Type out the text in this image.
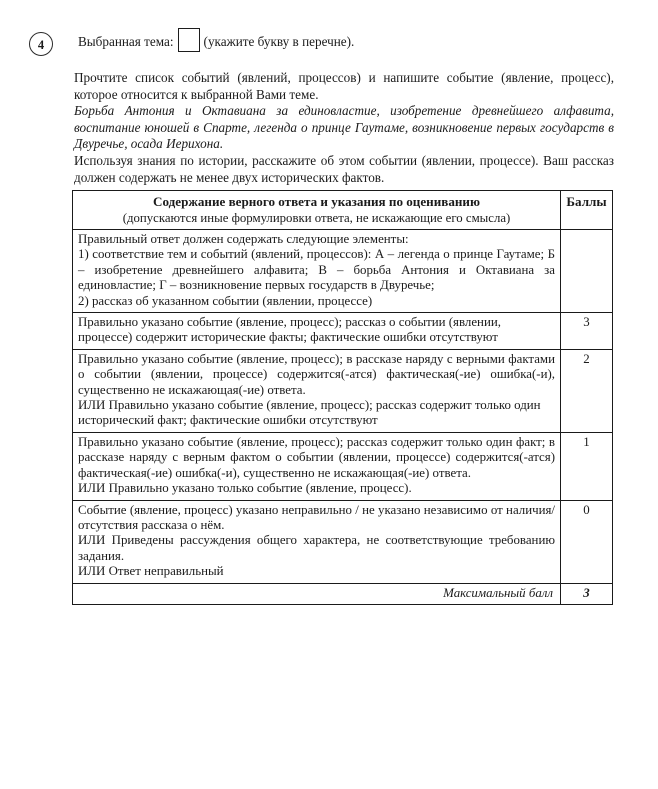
4	Выбранная тема: (укажите букву в перечне).

Прочтите список событий (явлений, процессов) и напишите событие (явление, процесс), которое относится к выбранной Вами теме.

Борьба Антония и Октавиана за единовластие, изобретение древнейшего алфавита, воспитание юношей в Спарте, легенда о принце Гаутаме, возникновение первых государств в Двуречье, осада Иерихона.

Используя знания по истории, расскажите об этом событии (явлении, процессе). Ваш рассказ должен содержать не менее двух исторических фактов.

Содержание верного ответа и указания по оцениванию
(допускаются иные формулировки ответа, не искажающие его смысла)	Баллы

Правильный ответ должен содержать следующие элементы:
1) соответствие тем и событий (явлений, процессов): А – легенда о принце Гаутаме; Б – изобретение древнейшего алфавита; В – борьба Антония и Октавиана за единовластие; Г – возникновение первых государств в Двуречье;
2) рассказ об указанном событии (явлении, процессе)	

Правильно указано событие (явление, процесс); рассказ о событии (явлении, процессе) содержит исторические факты; фактические ошибки отсутствуют	3

Правильно указано событие (явление, процесс); в рассказе наряду с верными фактами о событии (явлении, процессе) содержится(-атся) фактическая(-ие) ошибка(-и), существенно не искажающая(-ие) ответа.
ИЛИ Правильно указано событие (явление, процесс); рассказ содержит только один исторический факт; фактические ошибки отсутствуют	2

Правильно указано событие (явление, процесс); рассказ содержит только один факт; в рассказе наряду с верным фактом о событии (явлении, процессе) содержится(-атся) фактическая(-ие) ошибка(-и), существенно не искажающая(-ие) ответа.
ИЛИ Правильно указано только событие (явление, процесс).	1

Событие (явление, процесс) указано неправильно / не указано независимо от наличия/отсутствия рассказа о нём.
ИЛИ Приведены рассуждения общего характера, не соответствующие требованию задания.
ИЛИ Ответ неправильный	0
Максимальный балл	3
